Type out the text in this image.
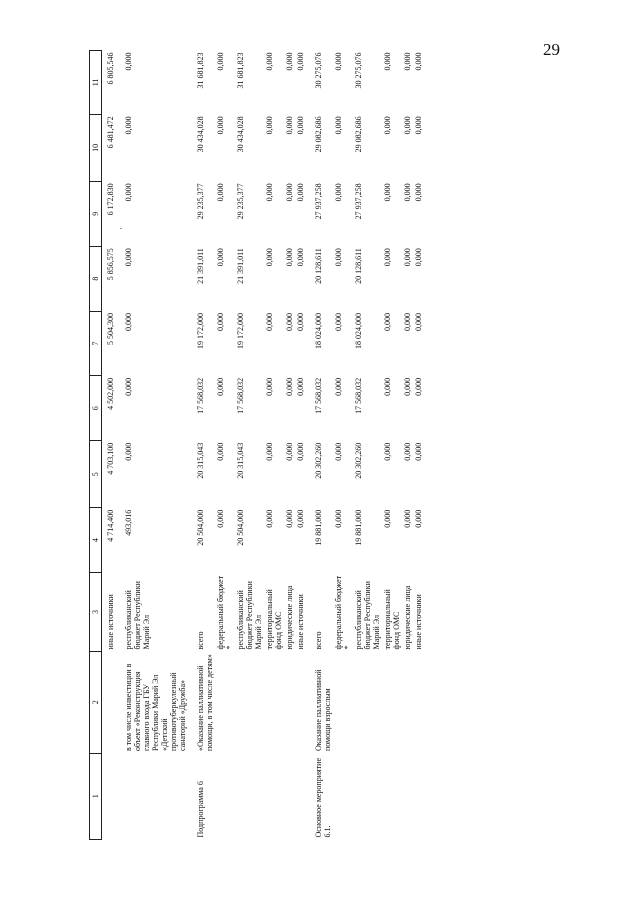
29
1	2	3	4	5	6	7	8	9	10	11
		иные источники	4 714,400	4 703,100	4 502,000	5 504,300	5 856,575	6 172,830	6 481,472	6 805,546
	в том числе инвестиции в объект «Реконструкция главного входа ГБУ Республики Марий Эл «Детский противотуберкулезный санаторий «Дружба»	республиканский бюджет Республики Марий Эл	493,016	0,000	0,000	0,000	0,000	0,000	0,000	0,000
Подпрограмма 6	«Оказание паллиативной помощи, в том числе детям»	всего	20 504,000	20 315,043	17 568,032	19 172,000	21 391,011	29 235,377	30 434,028	31 681,823
		федеральный бюджет *	0,000	0,000	0,000	0,000	0,000	0,000	0,000	0,000
		республиканский бюджет Республики Марий Эл	20 504,000	20 315,043	17 568,032	19 172,000	21 391,011	29 235,377	30 434,028	31 681,823
		территориальный фонд ОМС	0,000	0,000	0,000	0,000	0,000	0,000	0,000	0,000
		юридические лица	0,000	0,000	0,000	0,000	0,000	0,000	0,000	0,000
		иные источники	0,000	0,000	0,000	0,000	0,000	0,000	0,000	0,000
Основное мероприятие 6.1.	Оказание паллиативной помощи взрослым	всего	19 881,000	20 302,260	17 568,032	18 024,000	20 128,611	27 937,258	29 082,686	30 275,076
		федеральный бюджет *	0,000	0,000	0,000	0,000	0,000	0,000	0,000	0,000
		республиканский бюджет Республики Марий Эл	19 881,000	20 302,260	17 568,032	18 024,000	20 128,611	27 937,258	29 082,686	30 275,076
		территориальный фонд ОМС	0,000	0,000	0,000	0,000	0,000	0,000	0,000	0,000
		юридические лица	0,000	0,000	0,000	0,000	0,000	0,000	0,000	0,000
		иные источники	0,000	0,000	0,000	0,000	0,000	0,000	0,000	0,000
